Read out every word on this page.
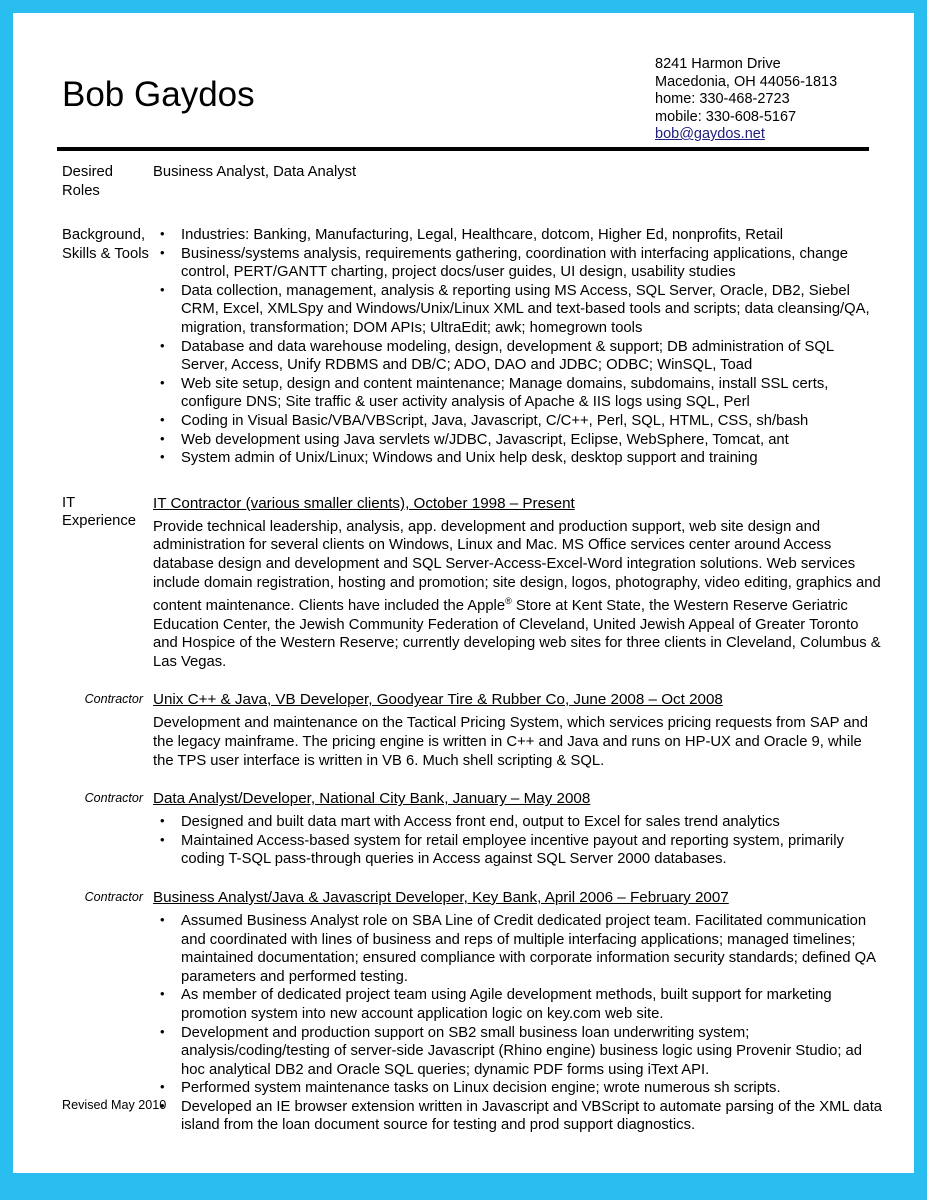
Bob Gaydos
8241 Harmon Drive
Macedonia, OH 44056-1813
home: 330-468-2723
mobile: 330-608-5167
bob@gaydos.net
Desired Roles
Business Analyst, Data Analyst
Background,
Skills & Tools
• Industries: Banking, Manufacturing, Legal, Healthcare, dotcom, Higher Ed, nonprofits, Retail
• Business/systems analysis, requirements gathering, coordination with interfacing applications, change control, PERT/GANTT charting, project docs/user guides, UI design, usability studies
• Data collection, management, analysis & reporting using MS Access, SQL Server, Oracle, DB2, Siebel CRM, Excel, XMLSpy and Windows/Unix/Linux XML and text-based tools and scripts; data cleansing/QA, migration, transformation; DOM APIs; UltraEdit; awk; homegrown tools
• Database and data warehouse modeling, design, development & support; DB administration of SQL Server, Access, Unify RDBMS and DB/C; ADO, DAO and JDBC; ODBC; WinSQL, Toad
• Web site setup, design and content maintenance; Manage domains, subdomains, install SSL certs, configure DNS; Site traffic & user activity analysis of Apache & IIS logs using SQL, Perl
• Coding in Visual Basic/VBA/VBScript, Java, Javascript, C/C++, Perl, SQL, HTML, CSS, sh/bash
• Web development using Java servlets w/JDBC, Javascript, Eclipse, WebSphere, Tomcat, ant
• System admin of Unix/Linux; Windows and Unix help desk, desktop support and training
IT Experience
IT Contractor (various smaller clients), October 1998 – Present
Provide technical leadership, analysis, app. development and production support, web site design and administration for several clients on Windows, Linux and Mac. MS Office services center around Access database design and development and SQL Server-Access-Excel-Word integration solutions. Web services include domain registration, hosting and promotion; site design, logos, photography, video editing, graphics and content maintenance. Clients have included the Apple® Store at Kent State, the Western Reserve Geriatric Education Center, the Jewish Community Federation of Cleveland, United Jewish Appeal of Greater Toronto and Hospice of the Western Reserve; currently developing web sites for three clients in Cleveland, Columbus & Las Vegas.
Contractor Unix C++ & Java, VB Developer, Goodyear Tire & Rubber Co, June 2008 – Oct 2008
Development and maintenance on the Tactical Pricing System, which services pricing requests from SAP and the legacy mainframe. The pricing engine is written in C++ and Java and runs on HP-UX and Oracle 9, while the TPS user interface is written in VB 6. Much shell scripting & SQL.
Contractor Data Analyst/Developer, National City Bank, January – May 2008
• Designed and built data mart with Access front end, output to Excel for sales trend analytics
• Maintained Access-based system for retail employee incentive payout and reporting system, primarily coding T-SQL pass-through queries in Access against SQL Server 2000 databases.
Contractor Business Analyst/Java & Javascript Developer, Key Bank, April 2006 – February 2007
• Assumed Business Analyst role on SBA Line of Credit dedicated project team. Facilitated communication and coordinated with lines of business and reps of multiple interfacing applications; managed timelines; maintained documentation; ensured compliance with corporate information security standards; defined QA parameters and performed testing.
• As member of dedicated project team using Agile development methods, built support for marketing promotion system into new account application logic on key.com web site.
• Development and production support on SB2 small business loan underwriting system; analysis/coding/testing of server-side Javascript (Rhino engine) business logic using Provenir Studio; ad hoc analytical DB2 and Oracle SQL queries; dynamic PDF forms using iText API.
• Performed system maintenance tasks on Linux decision engine; wrote numerous sh scripts.
• Developed an IE browser extension written in Javascript and VBScript to automate parsing of the XML data island from the loan document source for testing and prod support diagnostics.
Revised May 2010
